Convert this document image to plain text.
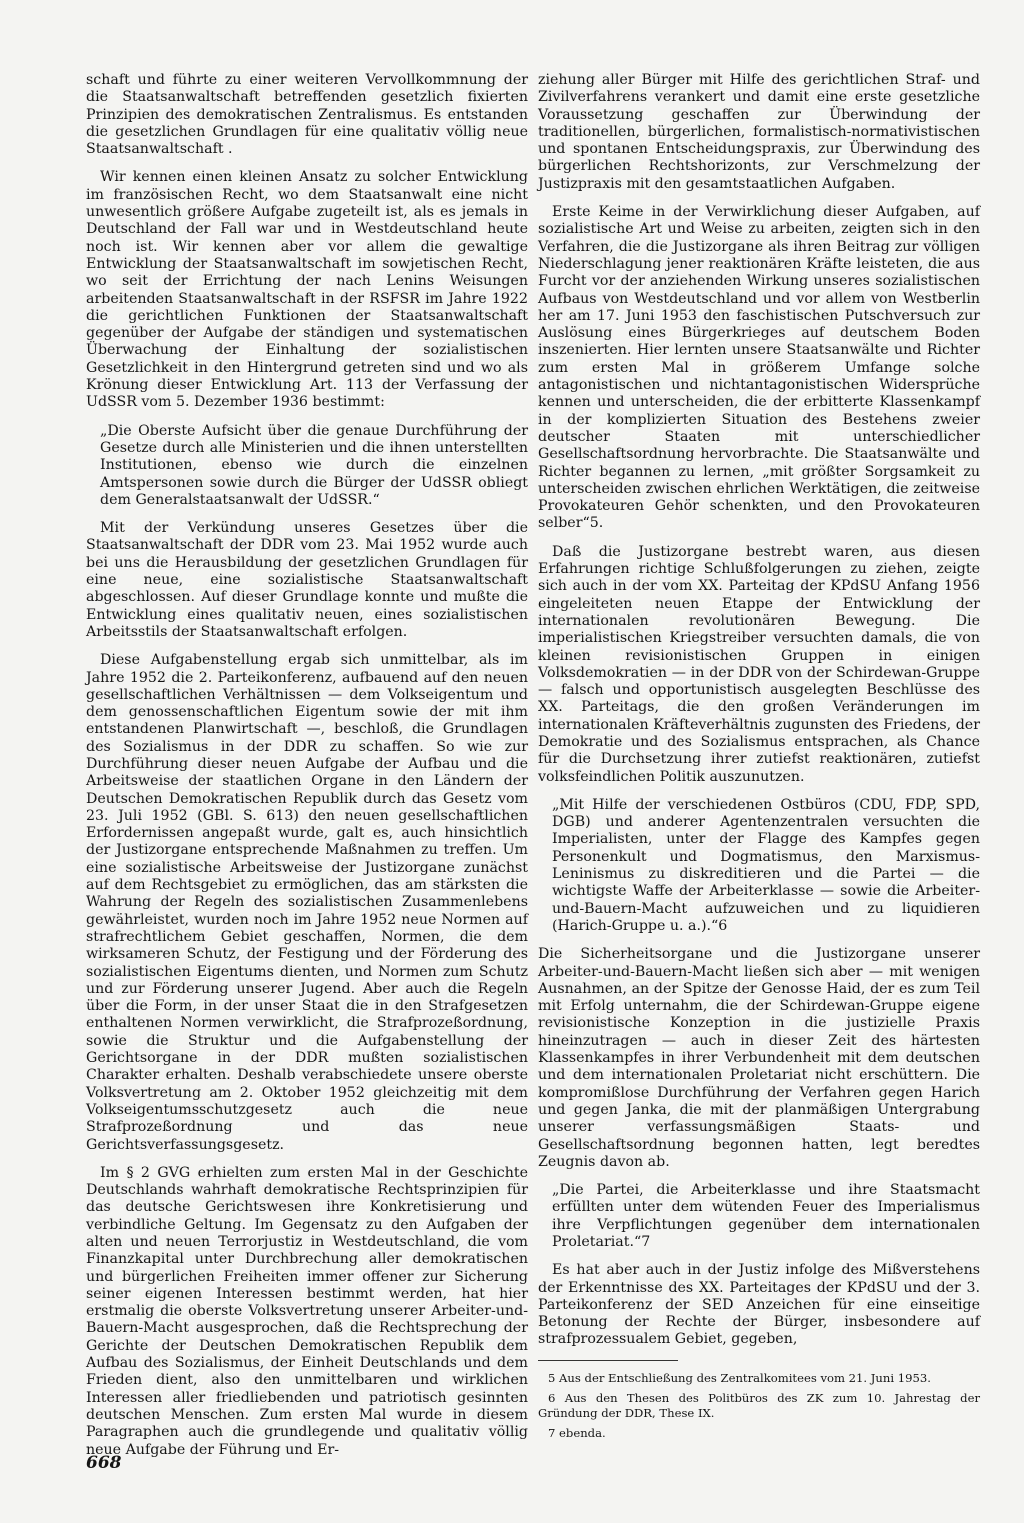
schaft und führte zu einer weiteren Vervollkommnung der die Staatsanwaltschaft betreffenden gesetzlich fixierten Prinzipien des demokratischen Zentralismus. Es entstanden die gesetzlichen Grundlagen für eine qualitativ völlig neue Staatsanwaltschaft .

Wir kennen einen kleinen Ansatz zu solcher Entwicklung im französischen Recht, wo dem Staatsanwalt eine nicht unwesentlich größere Aufgabe zugeteilt ist, als es jemals in Deutschland der Fall war und in Westdeutschland heute noch ist. Wir kennen aber vor allem die gewaltige Entwicklung der Staatsanwaltschaft im sowjetischen Recht, wo seit der Errichtung der nach Lenins Weisungen arbeitenden Staatsanwaltschaft in der RSFSR im Jahre 1922 die gerichtlichen Funktionen der Staatsanwaltschaft gegenüber der Aufgabe der ständigen und systematischen Überwachung der Einhaltung der sozialistischen Gesetzlichkeit in den Hintergrund getreten sind und wo als Krönung dieser Entwicklung Art. 113 der Verfassung der UdSSR vom 5. Dezember 1936 bestimmt:

„Die Oberste Aufsicht über die genaue Durchführung der Gesetze durch alle Ministerien und die ihnen unterstellten Institutionen, ebenso wie durch die einzelnen Amtspersonen sowie durch die Bürger der UdSSR obliegt dem Generalstaatsanwalt der UdSSR.“

Mit der Verkündung unseres Gesetzes über die Staatsanwaltschaft der DDR vom 23. Mai 1952 wurde auch bei uns die Herausbildung der gesetzlichen Grundlagen für eine neue, eine sozialistische Staatsanwaltschaft abgeschlossen. Auf dieser Grundlage konnte und mußte die Entwicklung eines qualitativ neuen, eines sozialistischen Arbeitsstils der Staatsanwaltschaft erfolgen.

Diese Aufgabenstellung ergab sich unmittelbar, als im Jahre 1952 die 2. Parteikonferenz, aufbauend auf den neuen gesellschaftlichen Verhältnissen — dem Volkseigentum und dem genossenschaftlichen Eigentum sowie der mit ihm entstandenen Planwirtschaft —, beschloß, die Grundlagen des Sozialismus in der DDR zu schaffen. So wie zur Durchführung dieser neuen Aufgabe der Aufbau und die Arbeitsweise der staatlichen Organe in den Ländern der Deutschen Demokratischen Republik durch das Gesetz vom 23. Juli 1952 (GBl. S. 613) den neuen gesellschaftlichen Erfordernissen angepaßt wurde, galt es, auch hinsichtlich der Justizorgane entsprechende Maßnahmen zu treffen. Um eine sozialistische Arbeitsweise der Justizorgane zunächst auf dem Rechtsgebiet zu ermöglichen, das am stärksten die Wahrung der Regeln des sozialistischen Zusammenlebens gewährleistet, wurden noch im Jahre 1952 neue Normen auf strafrechtlichem Gebiet geschaffen, Normen, die dem wirksameren Schutz, der Festigung und der Förderung des sozialistischen Eigentums dienten, und Normen zum Schutz und zur Förderung unserer Jugend. Aber auch die Regeln über die Form, in der unser Staat die in den Strafgesetzen enthaltenen Normen verwirklicht, die Strafprozeßordnung, sowie die Struktur und die Aufgabenstellung der Gerichtsorgane in der DDR mußten sozialistischen Charakter erhalten. Deshalb verabschiedete unsere oberste Volksvertretung am 2. Oktober 1952 gleichzeitig mit dem Volkseigentumsschutzgesetz auch die neue Strafprozeßordnung und das neue Gerichtsverfassungsgesetz.

Im § 2 GVG erhielten zum ersten Mal in der Geschichte Deutschlands wahrhaft demokratische Rechtsprinzipien für das deutsche Gerichtswesen ihre Konkretisierung und verbindliche Geltung. Im Gegensatz zu den Aufgaben der alten und neuen Terrorjustiz in Westdeutschland, die vom Finanzkapital unter Durchbrechung aller demokratischen und bürgerlichen Freiheiten immer offener zur Sicherung seiner eigenen Interessen bestimmt werden, hat hier erstmalig die oberste Volksvertretung unserer Arbeiter-und-Bauern-Macht ausgesprochen, daß die Rechtsprechung der Gerichte der Deutschen Demokratischen Republik dem Aufbau des Sozialismus, der Einheit Deutschlands und dem Frieden dient, also den unmittelbaren und wirklichen Interessen aller friedliebenden und patriotisch gesinnten deutschen Menschen. Zum ersten Mal wurde in diesem Paragraphen auch die grundlegende und qualitativ völlig neue Aufgabe der Führung und Er-

ziehung aller Bürger mit Hilfe des gerichtlichen Straf- und Zivilverfahrens verankert und damit eine erste gesetzliche Voraussetzung geschaffen zur Überwindung der traditionellen, bürgerlichen, formalistisch-normativistischen und spontanen Entscheidungspraxis, zur Überwindung des bürgerlichen Rechtshorizonts, zur Verschmelzung der Justizpraxis mit den gesamtstaatlichen Aufgaben.

Erste Keime in der Verwirklichung dieser Aufgaben, auf sozialistische Art und Weise zu arbeiten, zeigten sich in den Verfahren, die die Justizorgane als ihren Beitrag zur völligen Niederschlagung jener reaktionären Kräfte leisteten, die aus Furcht vor der anziehenden Wirkung unseres sozialistischen Aufbaus von Westdeutschland und vor allem von Westberlin her am 17. Juni 1953 den faschistischen Putschversuch zur Auslösung eines Bürgerkrieges auf deutschem Boden inszenierten. Hier lernten unsere Staatsanwälte und Richter zum ersten Mal in größerem Umfange solche antagonistischen und nichtantagonistischen Widersprüche kennen und unterscheiden, die der erbitterte Klassenkampf in der komplizierten Situation des Bestehens zweier deutscher Staaten mit unterschiedlicher Gesellschaftsordnung hervorbrachte. Die Staatsanwälte und Richter begannen zu lernen, „mit größter Sorgsamkeit zu unterscheiden zwischen ehrlichen Werktätigen, die zeitweise Provokateuren Gehör schenkten, und den Provokateuren selber“5.

Daß die Justizorgane bestrebt waren, aus diesen Erfahrungen richtige Schlußfolgerungen zu ziehen, zeigte sich auch in der vom XX. Parteitag der KPdSU Anfang 1956 eingeleiteten neuen Etappe der Entwicklung der internationalen revolutionären Bewegung. Die imperialistischen Kriegstreiber versuchten damals, die von kleinen revisionistischen Gruppen in einigen Volksdemokratien — in der DDR von der Schirdewan-Gruppe — falsch und opportunistisch ausgelegten Beschlüsse des XX. Parteitags, die den großen Veränderungen im internationalen Kräfteverhältnis zugunsten des Friedens, der Demokratie und des Sozialismus entsprachen, als Chance für die Durchsetzung ihrer zutiefst reaktionären, zutiefst volksfeindlichen Politik auszunutzen.

„Mit Hilfe der verschiedenen Ostbüros (CDU, FDP, SPD, DGB) und anderer Agentenzentralen versuchten die Imperialisten, unter der Flagge des Kampfes gegen Personenkult und Dogmatismus, den Marxismus-Leninismus zu diskreditieren und die Partei — die wichtigste Waffe der Arbeiterklasse — sowie die Arbeiter-und-Bauern-Macht aufzuweichen und zu liquidieren (Harich-Gruppe u. a.).“6

Die Sicherheitsorgane und die Justizorgane unserer Arbeiter-und-Bauern-Macht ließen sich aber — mit wenigen Ausnahmen, an der Spitze der Genosse Haid, der es zum Teil mit Erfolg unternahm, die der Schirdewan-Gruppe eigene revisionistische Konzeption in die justizielle Praxis hineinzutragen — auch in dieser Zeit des härtesten Klassenkampfes in ihrer Verbundenheit mit dem deutschen und dem internationalen Proletariat nicht erschüttern. Die kompromißlose Durchführung der Verfahren gegen Harich und gegen Janka, die mit der planmäßigen Untergrabung unserer verfassungsmäßigen Staats- und Gesellschaftsordnung begonnen hatten, legt beredtes Zeugnis davon ab.

„Die Partei, die Arbeiterklasse und ihre Staatsmacht erfüllten unter dem wütenden Feuer des Imperialismus ihre Verpflichtungen gegenüber dem internationalen Proletariat.“7

Es hat aber auch in der Justiz infolge des Mißverstehens der Erkenntnisse des XX. Parteitages der KPdSU und der 3. Parteikonferenz der SED Anzeichen für eine einseitige Betonung der Rechte der Bürger, insbesondere auf strafprozessualem Gebiet, gegeben,

5 Aus der Entschließung des Zentralkomitees vom 21. Juni 1953.

6 Aus den Thesen des Politbüros des ZK zum 10. Jahrestag der Gründung der DDR, These IX.

7 ebenda.

668
